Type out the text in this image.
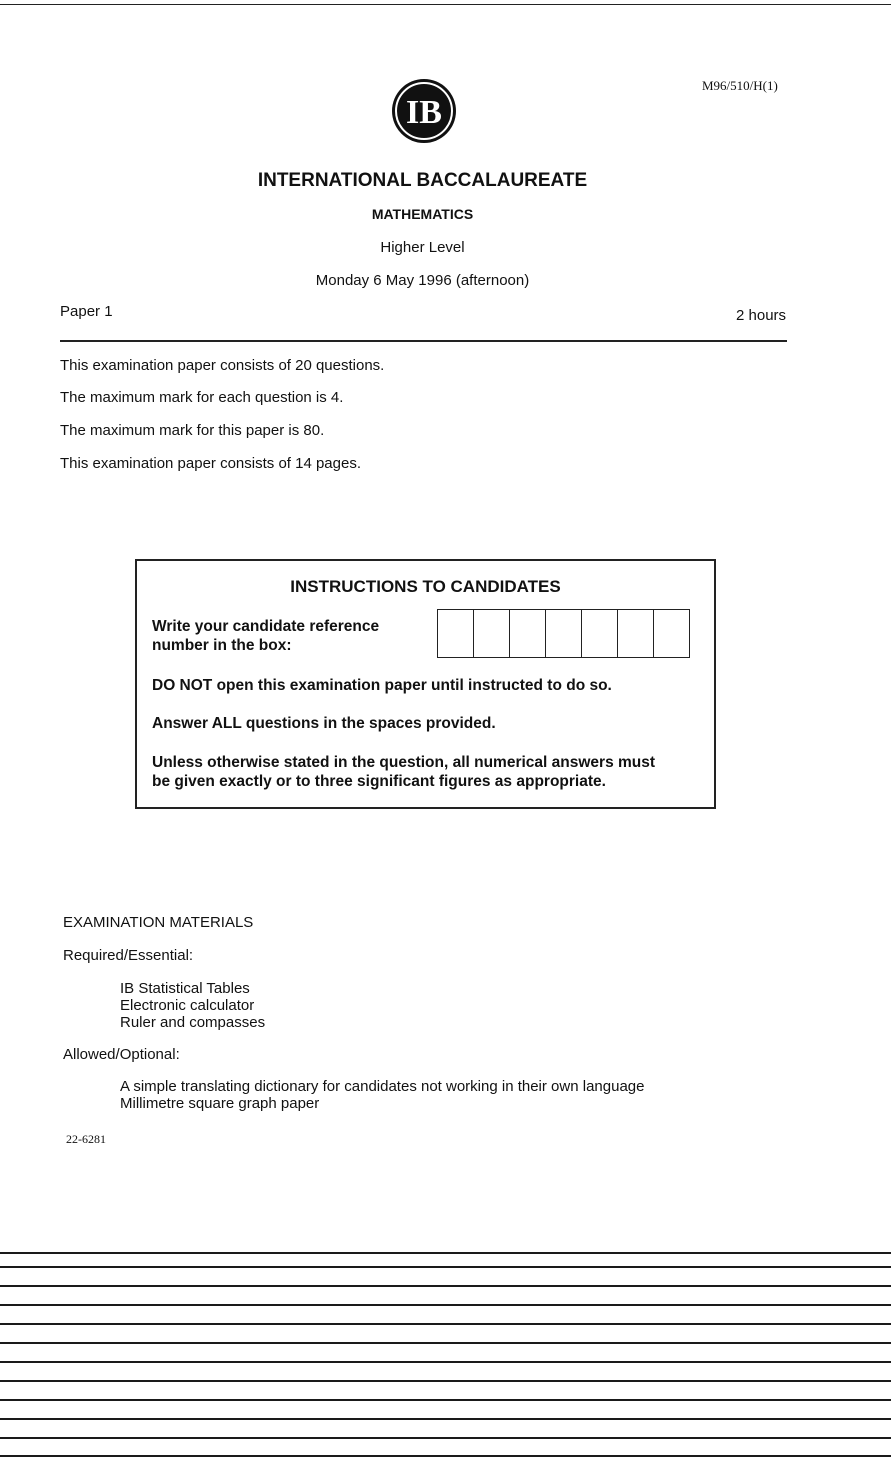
M96/510/H(1)
IB
INTERNATIONAL BACCALAUREATE
MATHEMATICS
Higher Level
Monday 6 May 1996 (afternoon)
Paper 1	2 hours
This examination paper consists of 20 questions.
The maximum mark for each question is 4.
The maximum mark for this paper is 80.
This examination paper consists of 14 pages.
INSTRUCTIONS TO CANDIDATES
Write your candidate reference
number in the box:
DO NOT open this examination paper until instructed to do so.
Answer ALL questions in the spaces provided.
Unless otherwise stated in the question, all numerical answers must
be given exactly or to three significant figures as appropriate.
EXAMINATION MATERIALS
Required/Essential:
IB Statistical Tables
Electronic calculator
Ruler and compasses
Allowed/Optional:
A simple translating dictionary for candidates not working in their own language
Millimetre square graph paper
22-6281
